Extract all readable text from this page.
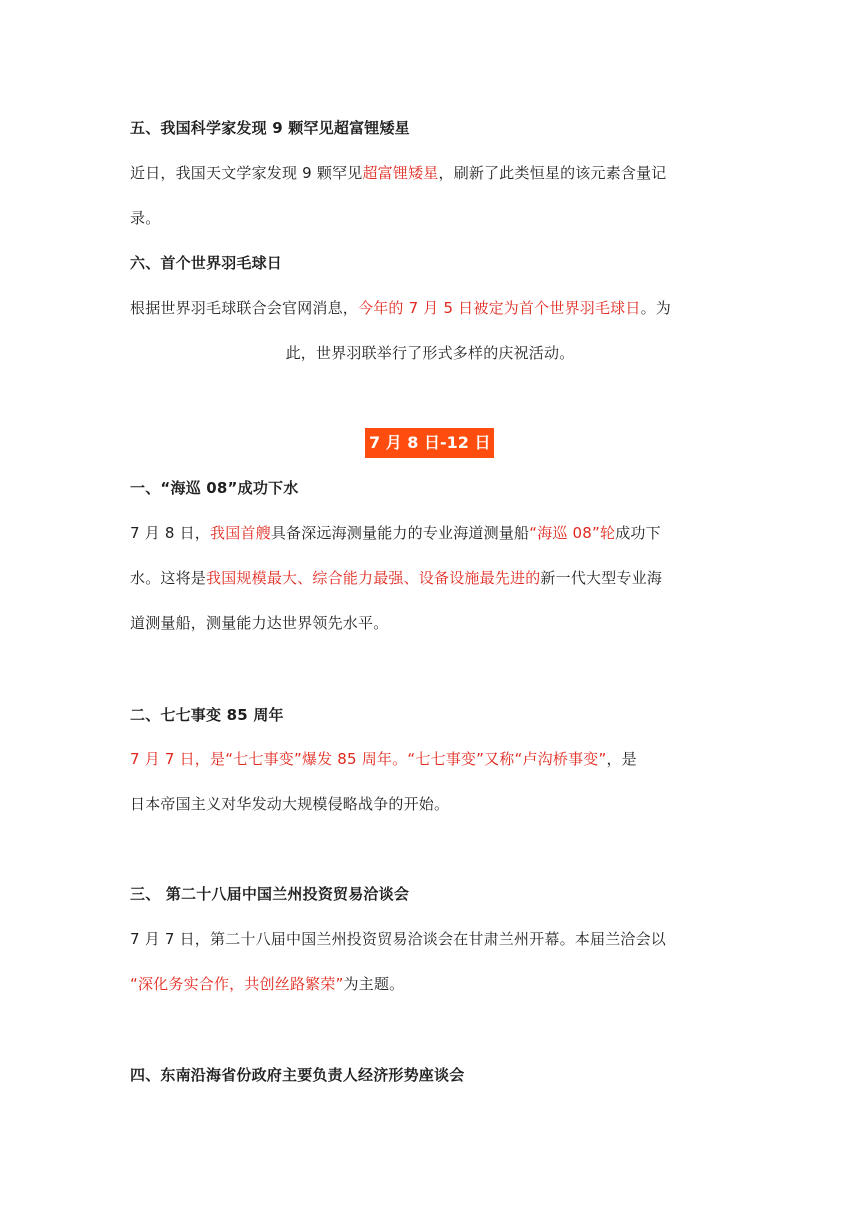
五、我国科学家发现 9 颗罕见超富锂矮星
近日，我国天文学家发现 9 颗罕见超富锂矮星，刷新了此类恒星的该元素含量记
录。
六、首个世界羽毛球日
根据世界羽毛球联合会官网消息，今年的 7 月 5 日被定为首个世界羽毛球日。为
此，世界羽联举行了形式多样的庆祝活动。
7 月 8 日-12 日
一、“海巡 08”成功下水
7 月 8 日，我国首艘具备深远海测量能力的专业海道测量船“海巡 08”轮成功下
水。这将是我国规模最大、综合能力最强、设备设施最先进的新一代大型专业海
道测量船，测量能力达世界领先水平。
二、七七事变 85 周年
7 月 7 日，是“七七事变”爆发 85 周年。“七七事变”又称“卢沟桥事变”，是
日本帝国主义对华发动大规模侵略战争的开始。
三、 第二十八届中国兰州投资贸易洽谈会
7 月 7 日，第二十八届中国兰州投资贸易洽谈会在甘肃兰州开幕。本届兰洽会以
“深化务实合作，共创丝路繁荣”为主题。
四、东南沿海省份政府主要负责人经济形势座谈会
